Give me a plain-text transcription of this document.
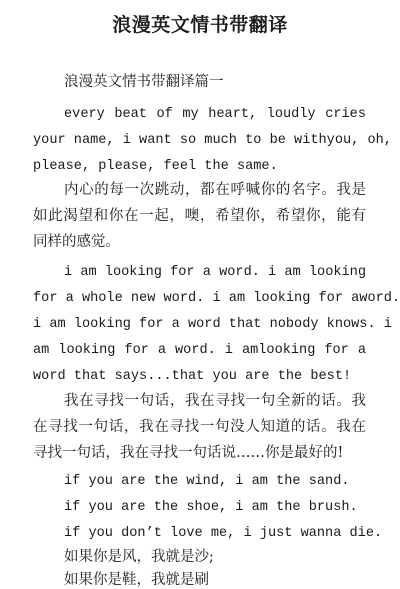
浪漫英文情书带翻译
浪漫英文情书带翻译篇一
every beat of my heart, loudly cries
your name, i want so much to be withyou, oh,
please, please, feel the same.
内心的每一次跳动，都在呼喊你的名字。我是
如此渴望和你在一起，噢，希望你，希望你，能有
同样的感觉。
i am looking for a word. i am looking
for a whole new word. i am looking for aword.
i am looking for a word that nobody knows. i
am looking for a word. i amlooking for a
word that says...that you are the best!
我在寻找一句话，我在寻找一句全新的话。我
在寻找一句话，我在寻找一句没人知道的话。我在
寻找一句话，我在寻找一句话说……你是最好的!
if you are the wind, i am the sand.
if you are the shoe, i am the brush.
if you don’t love me, i just wanna die.
如果你是风，我就是沙;
如果你是鞋，我就是刷
